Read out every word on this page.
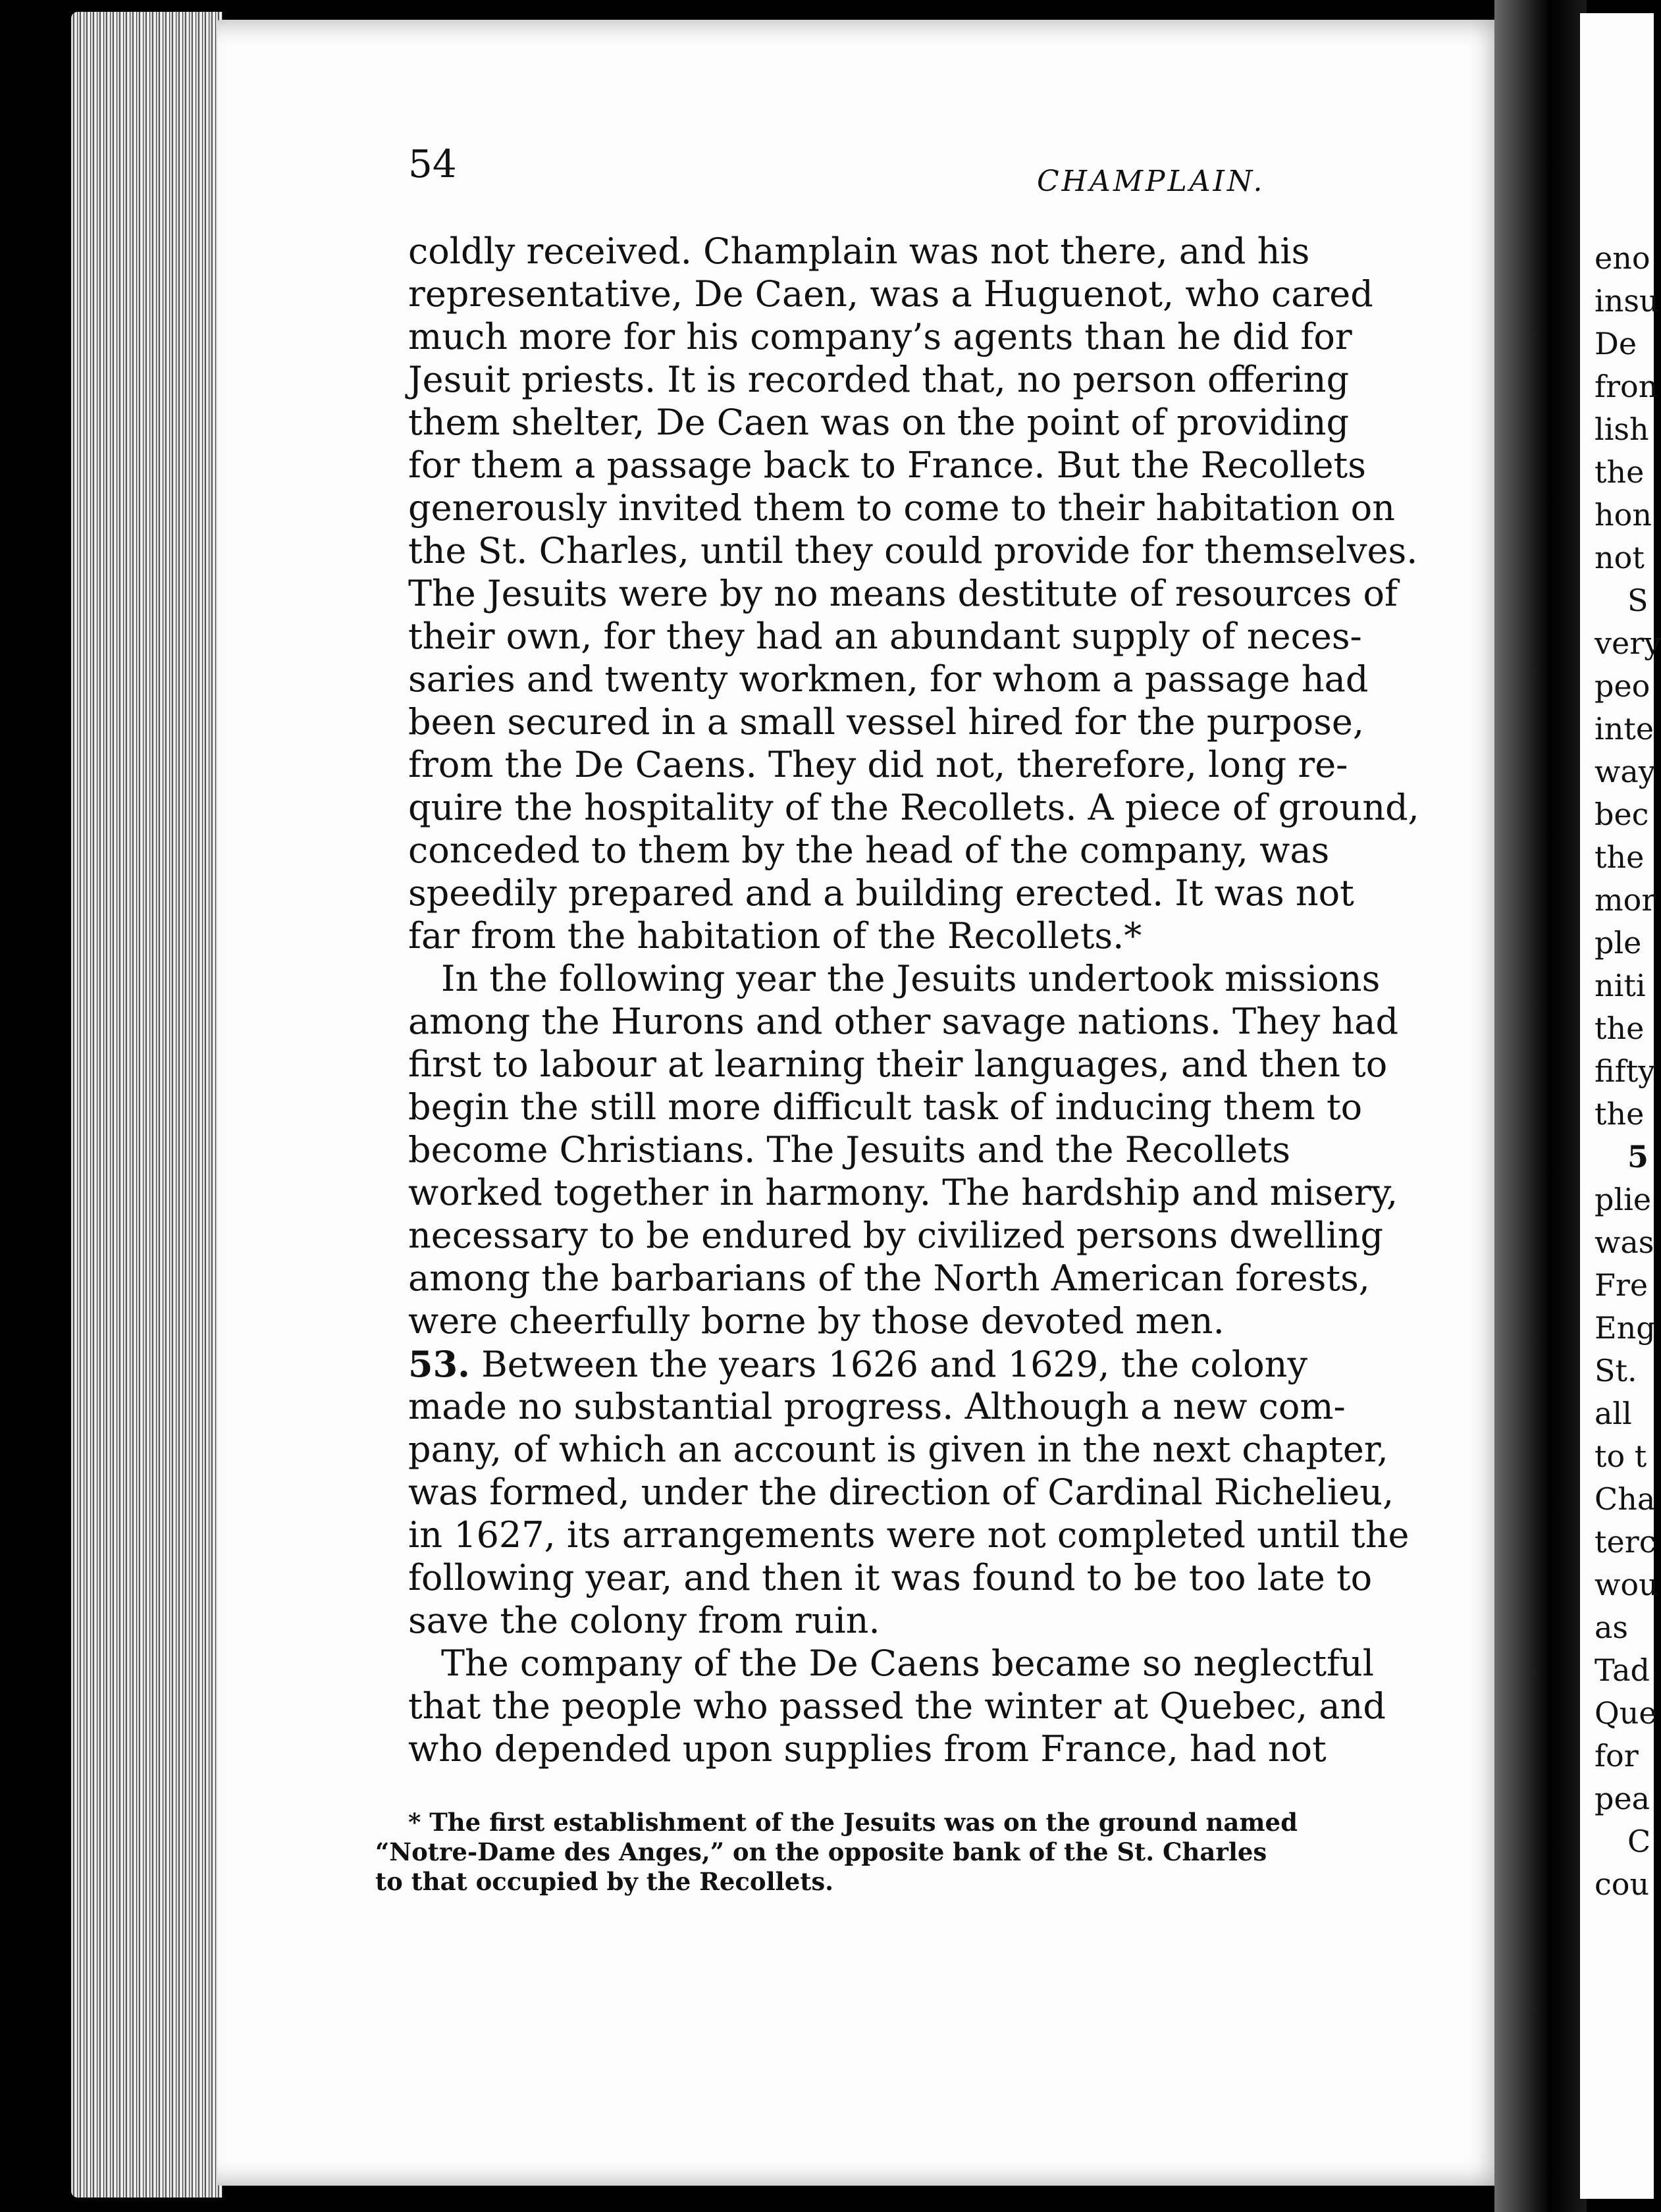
54	CHAMPLAIN.
coldly received. Champlain was not there, and his
representative, De Caen, was a Huguenot, who cared
much more for his company’s agents than he did for
Jesuit priests. It is recorded that, no person offering
them shelter, De Caen was on the point of providing
for them a passage back to France. But the Recollets
generously invited them to come to their habitation on
the St. Charles, until they could provide for themselves.
The Jesuits were by no means destitute of resources of
their own, for they had an abundant supply of neces-
saries and twenty workmen, for whom a passage had
been secured in a small vessel hired for the purpose,
from the De Caens. They did not, therefore, long re-
quire the hospitality of the Recollets. A piece of ground,
conceded to them by the head of the company, was
speedily prepared and a building erected. It was not
far from the habitation of the Recollets.*
In the following year the Jesuits undertook missions
among the Hurons and other savage nations. They had
first to labour at learning their languages, and then to
begin the still more difficult task of inducing them to
become Christians. The Jesuits and the Recollets
worked together in harmony. The hardship and misery,
necessary to be endured by civilized persons dwelling
among the barbarians of the North American forests,
were cheerfully borne by those devoted men.
53. Between the years 1626 and 1629, the colony
made no substantial progress. Although a new com-
pany, of which an account is given in the next chapter,
was formed, under the direction of Cardinal Richelieu,
in 1627, its arrangements were not completed until the
following year, and then it was found to be too late to
save the colony from ruin.
The company of the De Caens became so neglectful
that the people who passed the winter at Quebec, and
who depended upon supplies from France, had not
* The first establishment of the Jesuits was on the ground named
“Notre-Dame des Anges,” on the opposite bank of the St. Charles
to that occupied by the Recollets.
eno
insu
De
fron
lish
the
hon
not
S
very
peo
inte
way
bec
the
mor
ple
niti
the
fifty
the
5
plie
was
Fre
Eng
St.
all
to t
Cha
terc
wou
as
Tad
Que
for
pea
C
cou
